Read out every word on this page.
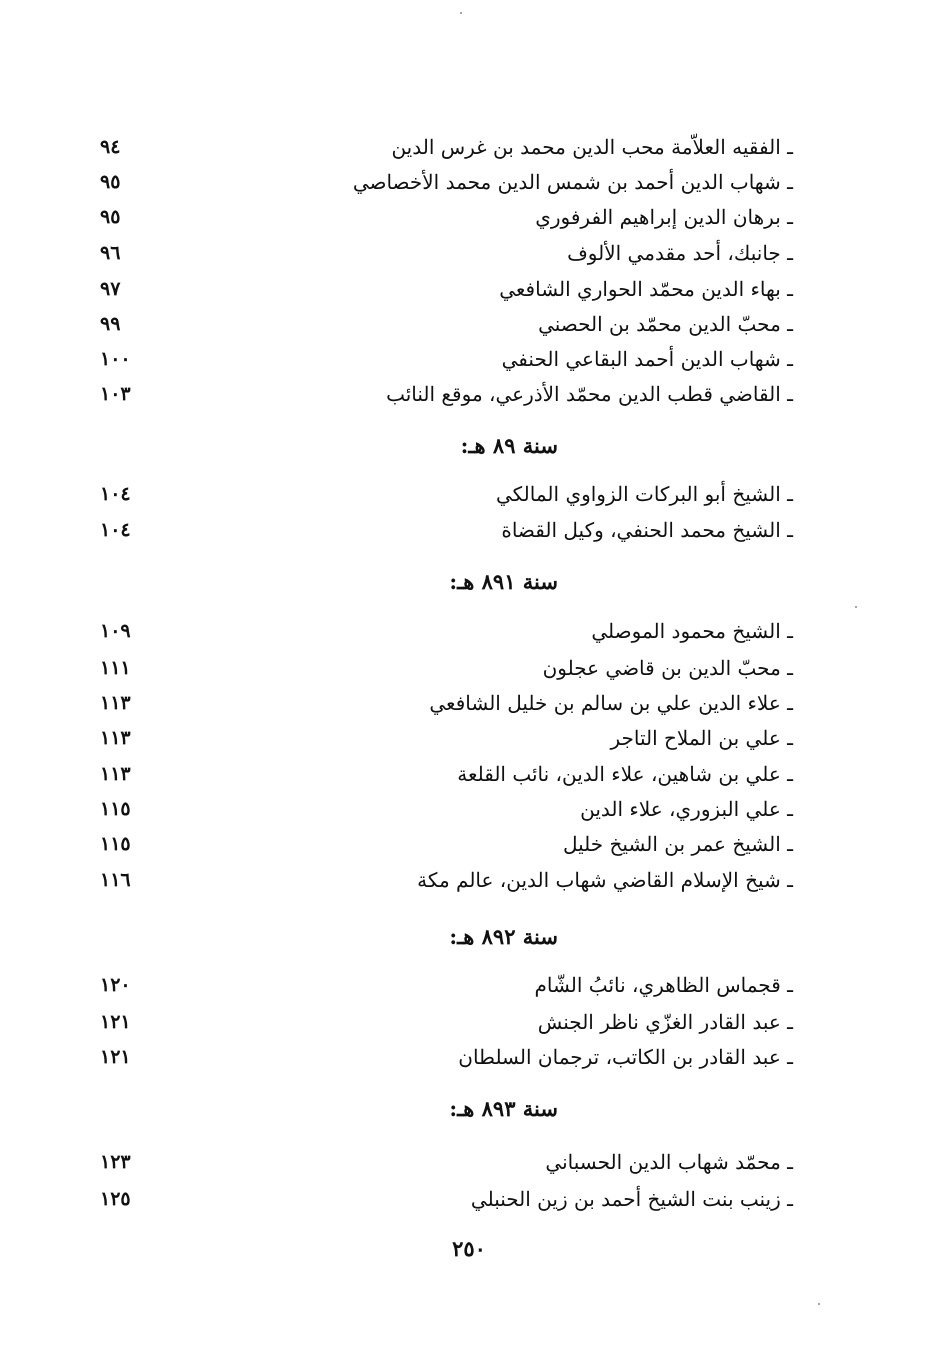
ـ الفقيه العلاّمة محب الدين محمد بن غرس الدين
٩٤
ـ شهاب الدين أحمد بن شمس الدين محمد الأخصاصي
٩٥
ـ برهان الدين إبراهيم الفرفوري
٩٥
ـ جانبك، أحد مقدمي الألوف
٩٦
ـ بهاء الدين محمّد الحواري الشافعي
٩٧
ـ محبّ الدين محمّد بن الحصني
٩٩
ـ شهاب الدين أحمد البقاعي الحنفي
١٠٠
ـ القاضي قطب الدين محمّد الأذرعي، موقع النائب
١٠٣
سنة ٨٩ هـ:
ـ الشيخ أبو البركات الزواوي المالكي
١٠٤
ـ الشيخ محمد الحنفي، وكيل القضاة
١٠٤
سنة ٨٩١ هـ:
ـ الشيخ محمود الموصلي
١٠٩
ـ محبّ الدين بن قاضي عجلون
١١١
ـ علاء الدين علي بن سالم بن خليل الشافعي
١١٣
ـ علي بن الملاح التاجر
١١٣
ـ علي بن شاهين، علاء الدين، نائب القلعة
١١٣
ـ علي البزوري، علاء الدين
١١٥
ـ الشيخ عمر بن الشيخ خليل
١١٥
ـ شيخ الإسلام القاضي شهاب الدين، عالم مكة
١١٦
سنة ٨٩٢ هـ:
ـ قجماس الظاهري، نائبُ الشّام
١٢٠
ـ عبد القادر الغزّي ناظر الجنش
١٢١
ـ عبد القادر بن الكاتب، ترجمان السلطان
١٢١
سنة ٨٩٣ هـ:
ـ محمّد شهاب الدين الحسباني
١٢٣
ـ زينب بنت الشيخ أحمد بن زين الحنبلي
١٢٥
٢٥٠
